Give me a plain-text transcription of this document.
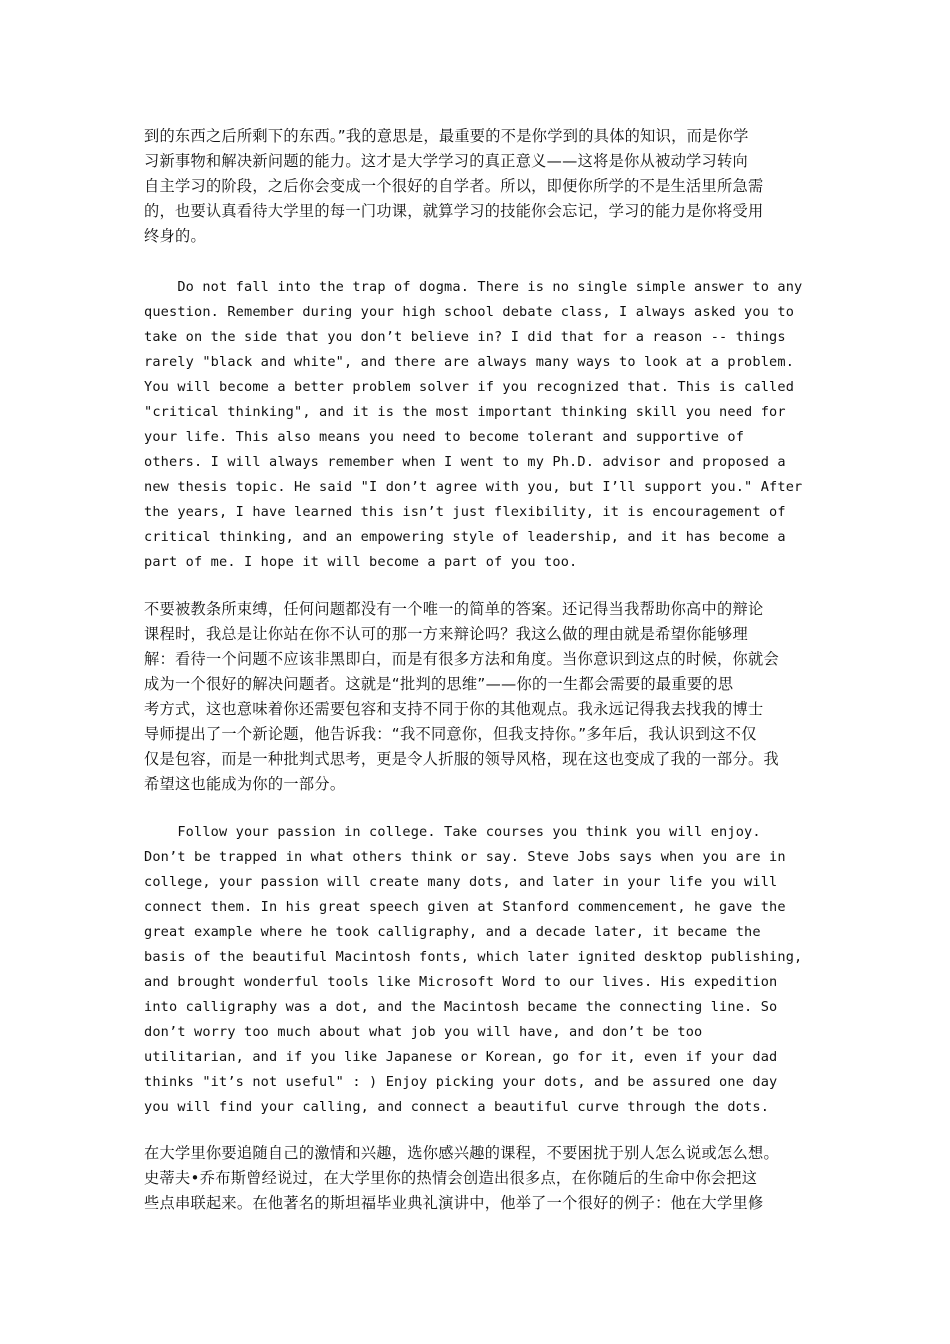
到的东西之后所剩下的东西。”我的意思是，最重要的不是你学到的具体的知识，而是你学
习新事物和解决新问题的能力。这才是大学学习的真正意义——这将是你从被动学习转向
自主学习的阶段，之后你会变成一个很好的自学者。所以，即便你所学的不是生活里所急需
的，也要认真看待大学里的每一门功课，就算学习的技能你会忘记，学习的能力是你将受用
终身的。
Do not fall into the trap of dogma. There is no single simple answer to any
question. Remember during your high school debate class, I always asked you to
take on the side that you don’t believe in? I did that for a reason -- things
rarely "black and white", and there are always many ways to look at a problem.
You will become a better problem solver if you recognized that. This is called
"critical thinking", and it is the most important thinking skill you need for
your life. This also means you need to become tolerant and supportive of
others. I will always remember when I went to my Ph.D. advisor and proposed a
new thesis topic. He said "I don’t agree with you, but I’ll support you." After
the years, I have learned this isn’t just flexibility, it is encouragement of
critical thinking, and an empowering style of leadership, and it has become a
part of me. I hope it will become a part of you too.
不要被教条所束缚，任何问题都没有一个唯一的简单的答案。还记得当我帮助你高中的辩论
课程时，我总是让你站在你不认可的那一方来辩论吗？我这么做的理由就是希望你能够理
解：看待一个问题不应该非黑即白，而是有很多方法和角度。当你意识到这点的时候，你就会
成为一个很好的解决问题者。这就是“批判的思维”——你的一生都会需要的最重要的思
考方式，这也意味着你还需要包容和支持不同于你的其他观点。我永远记得我去找我的博士
导师提出了一个新论题，他告诉我：“我不同意你，但我支持你。”多年后，我认识到这不仅
仅是包容，而是一种批判式思考，更是令人折服的领导风格，现在这也变成了我的一部分。我
希望这也能成为你的一部分。
Follow your passion in college. Take courses you think you will enjoy.
Don’t be trapped in what others think or say. Steve Jobs says when you are in
college, your passion will create many dots, and later in your life you will
connect them. In his great speech given at Stanford commencement, he gave the
great example where he took calligraphy, and a decade later, it became the
basis of the beautiful Macintosh fonts, which later ignited desktop publishing,
and brought wonderful tools like Microsoft Word to our lives. His expedition
into calligraphy was a dot, and the Macintosh became the connecting line. So
don’t worry too much about what job you will have, and don’t be too
utilitarian, and if you like Japanese or Korean, go for it, even if your dad
thinks "it’s not useful" : ) Enjoy picking your dots, and be assured one day
you will find your calling, and connect a beautiful curve through the dots.
在大学里你要追随自己的激情和兴趣，选你感兴趣的课程，不要困扰于别人怎么说或怎么想。
史蒂夫•乔布斯曾经说过，在大学里你的热情会创造出很多点，在你随后的生命中你会把这
些点串联起来。在他著名的斯坦福毕业典礼演讲中，他举了一个很好的例子：他在大学里修
